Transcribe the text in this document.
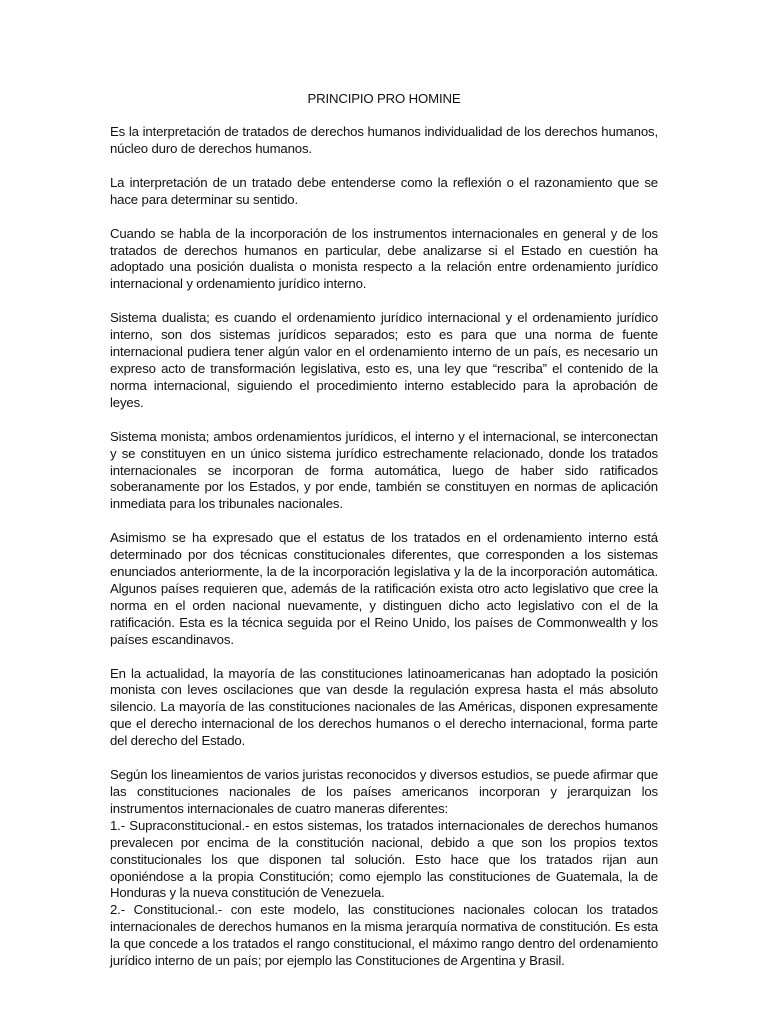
PRINCIPIO PRO HOMINE

Es la interpretación de tratados de derechos humanos individualidad de los derechos humanos, núcleo duro de derechos humanos.

La interpretación de un tratado debe entenderse como la reflexión o el razonamiento que se hace para determinar su sentido.

Cuando se habla de la incorporación de los instrumentos internacionales en general y de los tratados de derechos humanos en particular, debe analizarse si el Estado en cuestión ha adoptado una posición dualista o monista respecto a la relación entre ordenamiento jurídico internacional y ordenamiento jurídico interno.

Sistema dualista; es cuando el ordenamiento jurídico internacional y el ordenamiento jurídico interno, son dos sistemas jurídicos separados; esto es para que una norma de fuente internacional pudiera tener algún valor en el ordenamiento interno de un país, es necesario un expreso acto de transformación legislativa, esto es, una ley que “rescriba” el contenido de la norma internacional, siguiendo el procedimiento interno establecido para la aprobación de leyes.

Sistema monista; ambos ordenamientos jurídicos, el interno y el internacional, se interconectan y se constituyen en un único sistema jurídico estrechamente relacionado, donde los tratados internacionales se incorporan de forma automática, luego de haber sido ratificados soberanamente por los Estados, y por ende, también se constituyen en normas de aplicación inmediata para los tribunales nacionales.

Asimismo se ha expresado que el estatus de los tratados en el ordenamiento interno está determinado por dos técnicas constitucionales diferentes, que corresponden a los sistemas enunciados anteriormente, la de la incorporación legislativa y la de la incorporación automática. Algunos países requieren que, además de la ratificación exista otro acto legislativo que cree la norma en el orden nacional nuevamente, y distinguen dicho acto legislativo con el de la ratificación. Esta es la técnica seguida por el Reino Unido, los países de Commonwealth y los países escandinavos.

En la actualidad, la mayoría de las constituciones latinoamericanas han adoptado la posición monista con leves oscilaciones que van desde la regulación expresa hasta el más absoluto silencio. La mayoría de las constituciones nacionales de las Américas, disponen expresamente que el derecho internacional de los derechos humanos o el derecho internacional, forma parte del derecho del Estado.

Según los lineamientos de varios juristas reconocidos y diversos estudios, se puede afirmar que las constituciones nacionales de los países americanos incorporan y jerarquizan los instrumentos internacionales de cuatro maneras diferentes:

1.- Supraconstitucional.- en estos sistemas, los tratados internacionales de derechos humanos prevalecen por encima de la constitución nacional, debido a que son los propios textos constitucionales los que disponen tal solución. Esto hace que los tratados rijan aun oponiéndose a la propia Constitución; como ejemplo las constituciones de Guatemala, la de Honduras y la nueva constitución de Venezuela.

2.- Constitucional.- con este modelo, las constituciones nacionales colocan los tratados internacionales de derechos humanos en la misma jerarquía normativa de constitución. Es esta la que concede a los tratados el rango constitucional, el máximo rango dentro del ordenamiento jurídico interno de un país; por ejemplo las Constituciones de Argentina y Brasil.
